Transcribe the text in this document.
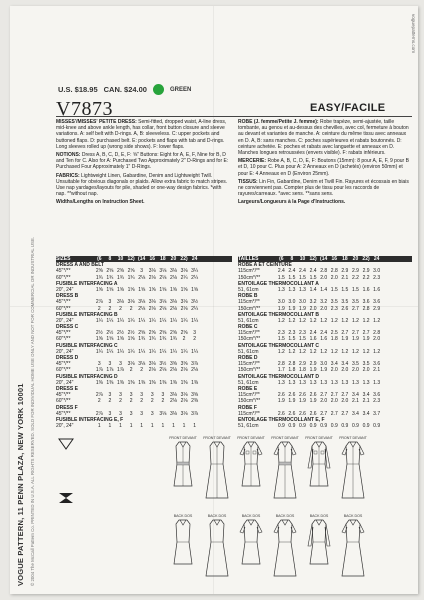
VOGUE PATTERN, 11 PENN PLAZA, NEW YORK 10001 © 2004 The McCall Pattern Co. PRINTED IN U.S.A. ALL RIGHTS RESERVED. SOLD FOR INDIVIDUAL HOME USE ONLY AND NOT FOR COMMERCIAL OR INDUSTRIAL USE.
voguepatterns.com
U.S. $18.95 CAN. $24.00	GREEN
V7873	EASY/FACILE

MISSES'/MISSES' PETITE DRESS: Semi-fitted, dropped waist, A-line dress, mid-knee and above ankle length, has collar, front button closure and sleeve variations. A: self belt with D-rings. A, B: sleeveless. C: upper pockets and buttoned flaps. D: purchased belt. E: pockets and flaps with tab and D-rings. Long sleeves rolled up (wrong side shows). F: lower flaps.

NOTIONS: Dress A, B, C, D, E, F: ⅝" Buttons: Eight for A, E, F, Nine for B, D and Ten for C. Also for A: Purchased Two Approximately 2" D-Rings and for E: Purchased Four Approximately 1" D-Rings.

FABRICS: Lightweight Linen, Gabardine, Denim and Lightweight Twill. Unsuitable for obvious diagonals or plaids. Allow extra fabric to match stripes. Use nap yardages/layouts for pile, shaded or one-way design fabrics. *with nap. **without nap.

Widths/Lengths on Instruction Sheet.

ROBE (J. femme/Petite J. femme): Robe trapèze, semi-ajustée, taille tombante, au genou et au-dessus des chevilles, avec col, fermeture à bouton au devant et variantes de manche. A: ceinture du même tissu avec anneaux en D. A, B: sans manches. C: poches supérieures et rabats boutonnés. D: ceinture achetée. E: poches et rabats avec languette et anneaux en D. Manches longues retroussées (envers visible). F: rabats inférieurs.

MERCERIE: Robe A, B, C, D, E, F: Boutons (15mm): 8 pour A, E, F, 9 pour B et D, 10 pour C. Plus pour A: 2 Anneaux en D (achetés) (environ 50mm) et pour E: 4 Anneaux en D (Environ 25mm).

TISSUS: Lin Fin, Gabardine, Denim et Twill Fin. Rayures et écossais en biais ne conviennent pas. Compter plus de tissu pour les raccords de rayures/carreaux. *avec sens. **sans sens.

Largeurs/Longueurs à la Page d'Instructions.

SIZES	(6	8	10 12) (14 16	18	20 22) 24
DRESS A AND BELT
45"*/**	2⅝ 2⅝ 2⅝ 2⅝	3	3⅛ 3⅛ 3⅛ 3⅛ 3¼
60"*/**	1¾ 1¾ 1¾ 1¾ 2⅛ 2⅛ 2⅛ 2⅛ 2¼ 2¼
FUSIBLE INTERFACING A
20", 24"	1⅝ 1⅝ 1⅝ 1⅝ 1⅝ 1⅝ 1⅝ 1⅝ 1⅝ 1⅝
DRESS B
45"*/**	2⅞	3	3⅛ 3⅛ 3⅛ 3⅛ 3⅛ 3⅛ 3⅛ 3½
60"*/**	2	2	2	2	2⅛ 2⅛ 2⅛ 2⅛ 2⅛ 2¼
FUSIBLE INTERFACING B
20", 24"	1¼ 1¼ 1¼ 1¼ 1¼ 1¼ 1¼ 1¼ 1¼ 1¼
DRESS C
45"*/**	2½ 2½ 2½ 2½ 2⅝ 2⅝ 2⅝ 2⅝ 2⅝	3
60"*/**	1⅝ 1⅝ 1⅝ 1⅝ 1¾ 1¾ 1¾ 1¾	2	2
FUSIBLE INTERFACING C
20", 24"	1¼ 1¼ 1¼ 1¼ 1¼ 1¼ 1¼ 1¼ 1¼ 1¼
DRESS D
45"*/**	3	3	3	3⅛ 3⅛ 3⅛ 3½ 3⅝ 3⅝ 3⅞
60"*/**	1⅞ 1⅞ 1⅞	2	2	2⅛ 2⅛ 2⅛ 2⅛ 2⅛
FUSIBLE INTERFACING D
20", 24"	1⅜ 1⅜ 1⅜ 1⅜ 1⅜ 1⅜ 1⅜ 1⅜ 1⅜ 1⅜
DRESS E
45"*/**	2⅞	3	3	3	3	3	3	3⅛ 3⅛ 3⅝
60"*/**	2	2	2	2	2	2	2	2⅛ 2⅛ 2⅜
DRESS F
45"*/**	2⅞	3	3	3	3	3	3⅛ 3⅛ 3⅛ 3⅞
FUSIBLE INTERFACING E, F
20", 24"	1	1	1	1	1	1	1	1	1	1
TAILLES	(6	8	10 12) (14 16	18	20 22) 24
ROBE A ET CEINTURE
115cm*/**	2.4 2.4 2.4 2.4 2.8 2.8 2.9 2.9 2.9 3.0
150cm*/**	1.5 1.5 1.5 1.5 2.0 2.0 2.1 2.2 2.2 2.3
ENTOILAGE THERMOCOLLANT A
51, 61cm	1.3 1.3 1.3 1.4 1.4 1.5 1.5 1.5 1.6 1.6
ROBE B
115cm*/**	3.0 3.0 3.0 3.2 3.2 3.5 3.5 3.5 3.6 3.6
150cm*/**	1.9 1.9 1.9 2.0 2.0 2.3 2.6 2.7 2.8 2.9
ENTOILAGE THERMOCOLLANT B
51, 61cm	1.2 1.2 1.2 1.2 1.2 1.2 1.2 1.2 1.2 1.2
ROBE C
115cm*/**	2.3 2.3 2.3 2.4 2.4 2.5 2.7 2.7 2.7 2.8
150cm*/**	1.5 1.5 1.5 1.6 1.6 1.8 1.9 1.9 1.9 2.0
ENTOILAGE THERMOCOLLANT C
51, 61cm	1.2 1.2 1.2 1.2 1.2 1.2 1.2 1.2 1.2 1.2
ROBE D
115cm*/**	2.8 2.8 2.9 2.9 3.0 3.4 3.4 3.5 3.5 3.6
150cm*/**	1.7 1.8 1.8 1.9 1.9 2.0 2.0 2.0 2.0 2.1
ENTOILAGE THERMOCOLLANT D
51, 61cm	1.3 1.3 1.3 1.3 1.3 1.3 1.3 1.3 1.3 1.3
ROBE E
115cm*/**	2.6 2.6 2.6 2.6 2.7 2.7 2.7 3.4 3.4 3.6
150cm*/**	1.9 1.9 1.9 1.9 2.0 2.0 2.0 2.1 2.1 2.3
ROBE F
115cm*/**	2.6 2.6 2.6 2.6 2.7 2.7 2.7 3.4 3.4 3.7
ENTOILAGE THERMOCOLLANT E, F
51, 61cm	0.9 0.9 0.9 0.9 0.9 0.9 0.9 0.9 0.9 0.9
FRONT DEVANT	FRONT DEVANT	FRONT DEVANT	FRONT DEVANT	FRONT DEVANT	FRONT DEVANT
BACK DOS	BACK DOS	BACK DOS	BACK DOS	BACK DOS	BACK DOS
